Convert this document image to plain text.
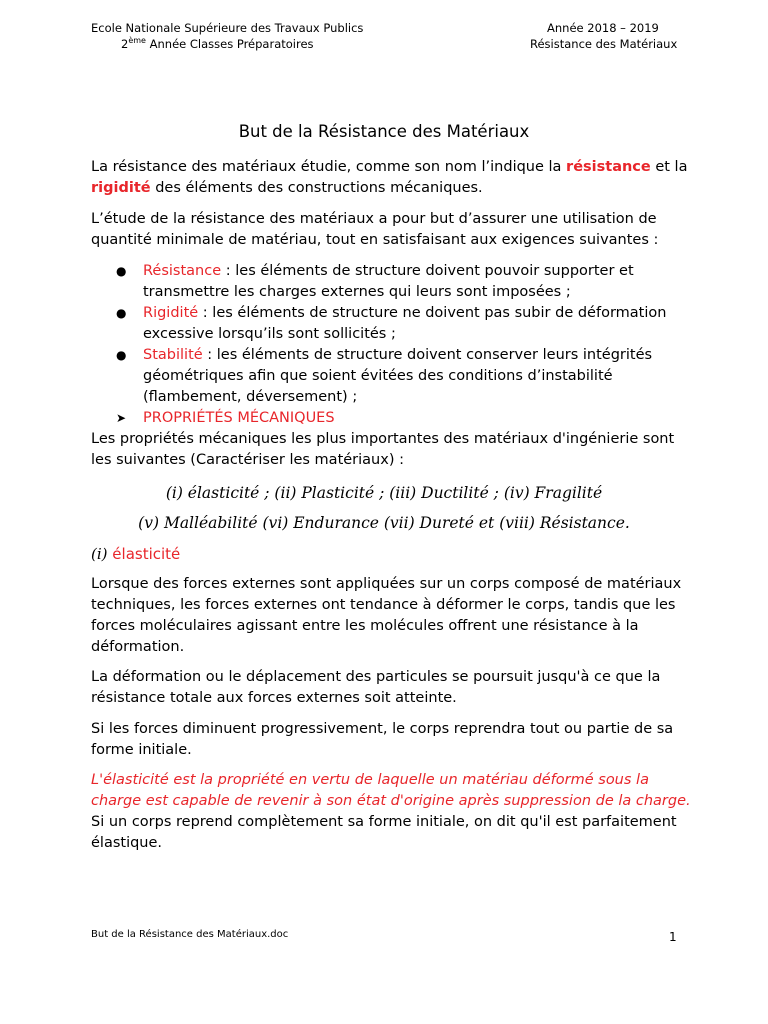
Ecole Nationale Supérieure des Travaux Publics
2ème Année Classes Préparatoires
Année 2018 – 2019
Résistance des Matériaux
But de la Résistance des Matériaux

La résistance des matériaux étudie, comme son nom l’indique la résistance et la rigidité des éléments des constructions mécaniques.

L’étude de la résistance des matériaux a pour but d’assurer une utilisation de quantité minimale de matériau, tout en satisfaisant aux exigences suivantes :

● Résistance : les éléments de structure doivent pouvoir supporter et transmettre les charges externes qui leurs sont imposées ;
● Rigidité : les éléments de structure ne doivent pas subir de déformation excessive lorsqu’ils sont sollicités ;
● Stabilité : les éléments de structure doivent conserver leurs intégrités géométriques afin que soient évitées des conditions d’instabilité (flambement, déversement) ;
➤ PROPRIÉTÉS MÉCANIQUES

Les propriétés mécaniques les plus importantes des matériaux d'ingénierie sont les suivantes (Caractériser les matériaux) :

(i) élasticité ; (ii) Plasticité ; (iii) Ductilité ; (iv) Fragilité
(v) Malléabilité (vi) Endurance (vii) Dureté et (viii) Résistance.
(i) élasticité
Lorsque des forces externes sont appliquées sur un corps composé de matériaux techniques, les forces externes ont tendance à déformer le corps, tandis que les forces moléculaires agissant entre les molécules offrent une résistance à la déformation.
La déformation ou le déplacement des particules se poursuit jusqu'à ce que la résistance totale aux forces externes soit atteinte.
Si les forces diminuent progressivement, le corps reprendra tout ou partie de sa forme initiale.

L'élasticité est la propriété en vertu de laquelle un matériau déformé sous la charge est capable de revenir à son état d'origine après suppression de la charge. Si un corps reprend complètement sa forme initiale, on dit qu'il est parfaitement élastique.

But de la Résistance des Matériaux.doc	1
